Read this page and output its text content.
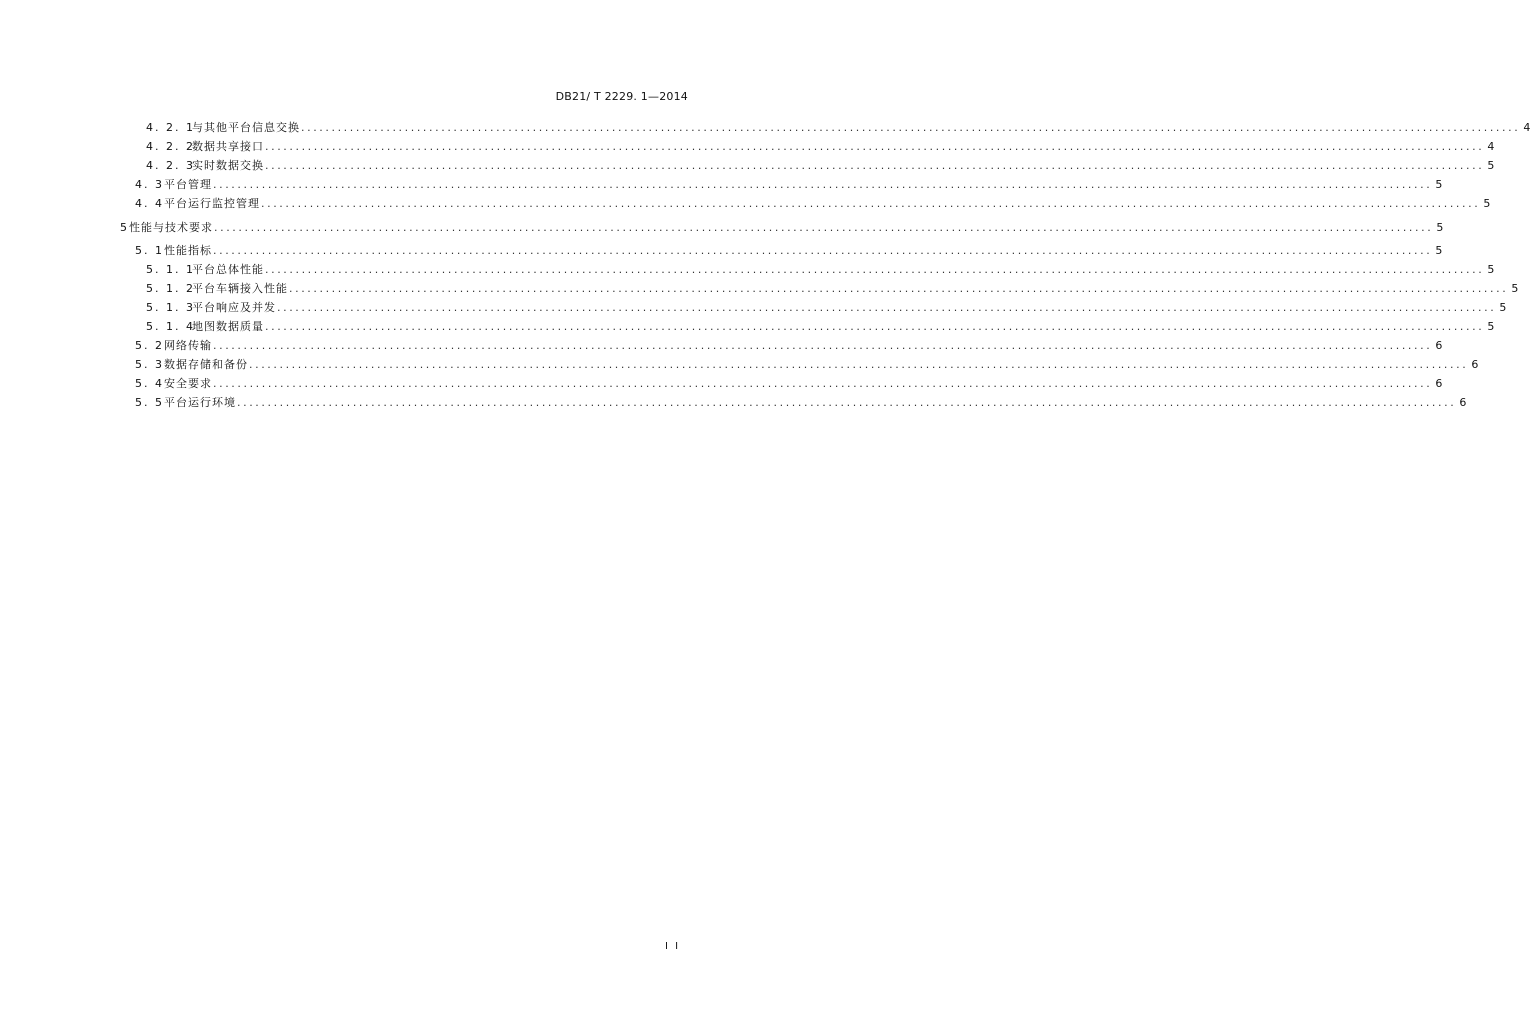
DB21/ T 2229. 1—2014
4. 2. 1
与其他平台信息交换 ........................................................................................................................................................................................................ 4
4. 2. 2
数据共享接口 ........................................................................................................................................................................................................ 4
4. 2. 3
实时数据交换 ........................................................................................................................................................................................................ 5
4. 3 平台管理 ........................................................................................................................................................................................................ 5
4. 4 平台运行监控管理 ........................................................................................................................................................................................................ 5
5 性能与技术要求 ........................................................................................................................................................................................................ 5
5. 1 性能指标 ........................................................................................................................................................................................................ 5
5. 1. 1
平台总体性能 ........................................................................................................................................................................................................ 5
5. 1. 2
平台车辆接入性能 ........................................................................................................................................................................................................ 5
5. 1. 3
平台响应及并发 ........................................................................................................................................................................................................ 5
5. 1. 4
地图数据质量 ........................................................................................................................................................................................................ 5
5. 2 网络传输 ........................................................................................................................................................................................................ 6
5. 3 数据存储和备份 ........................................................................................................................................................................................................ 6
5. 4 安全要求 ........................................................................................................................................................................................................ 6
5. 5 平台运行环境 ........................................................................................................................................................................................................ 6
I I
